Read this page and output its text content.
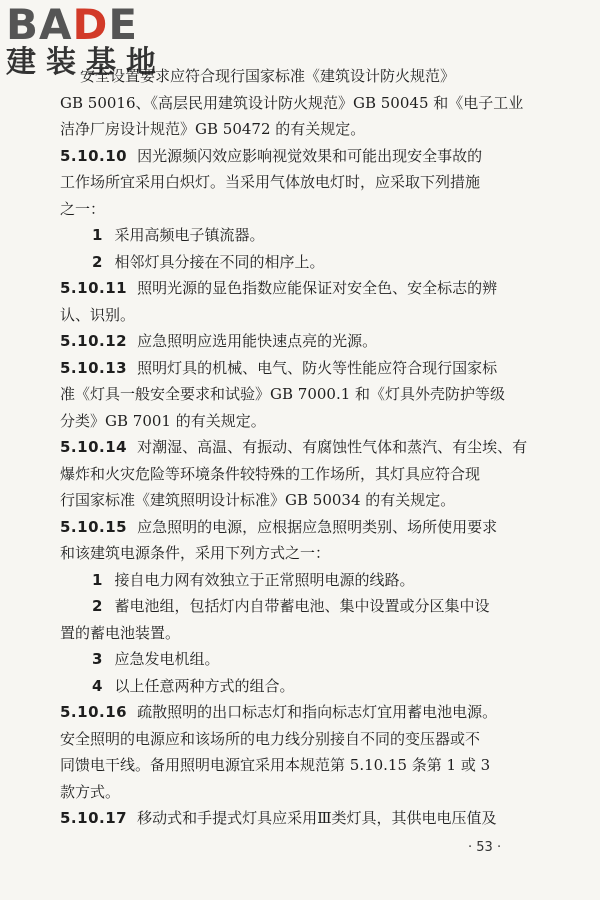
BADE
建装基地

安全设置要求应符合现行国家标准《建筑设计防火规范》

GB 50016、《高层民用建筑设计防火规范》GB 50045 和《电子工业

洁净厂房设计规范》GB 50472 的有关规定。

5.10.10 因光源频闪效应影响视觉效果和可能出现安全事故的

工作场所宜采用白炽灯。当采用气体放电灯时，应采取下列措施

之一：

1 采用高频电子镇流器。

2 相邻灯具分接在不同的相序上。

5.10.11 照明光源的显色指数应能保证对安全色、安全标志的辨

认、识别。

5.10.12 应急照明应选用能快速点亮的光源。

5.10.13 照明灯具的机械、电气、防火等性能应符合现行国家标

准《灯具一般安全要求和试验》GB 7000.1 和《灯具外壳防护等级

分类》GB 7001 的有关规定。

5.10.14 对潮湿、高温、有振动、有腐蚀性气体和蒸汽、有尘埃、有

爆炸和火灾危险等环境条件较特殊的工作场所，其灯具应符合现

行国家标准《建筑照明设计标准》GB 50034 的有关规定。

5.10.15 应急照明的电源，应根据应急照明类别、场所使用要求

和该建筑电源条件，采用下列方式之一：

1 接自电力网有效独立于正常照明电源的线路。

2 蓄电池组，包括灯内自带蓄电池、集中设置或分区集中设

置的蓄电池装置。

3 应急发电机组。

4 以上任意两种方式的组合。

5.10.16 疏散照明的出口标志灯和指向标志灯宜用蓄电池电源。

安全照明的电源应和该场所的电力线分别接自不同的变压器或不

同馈电干线。备用照明电源宜采用本规范第 5.10.15 条第 1 或 3

款方式。

5.10.17 移动式和手提式灯具应采用Ⅲ类灯具，其供电电压值及

· 53 ·
